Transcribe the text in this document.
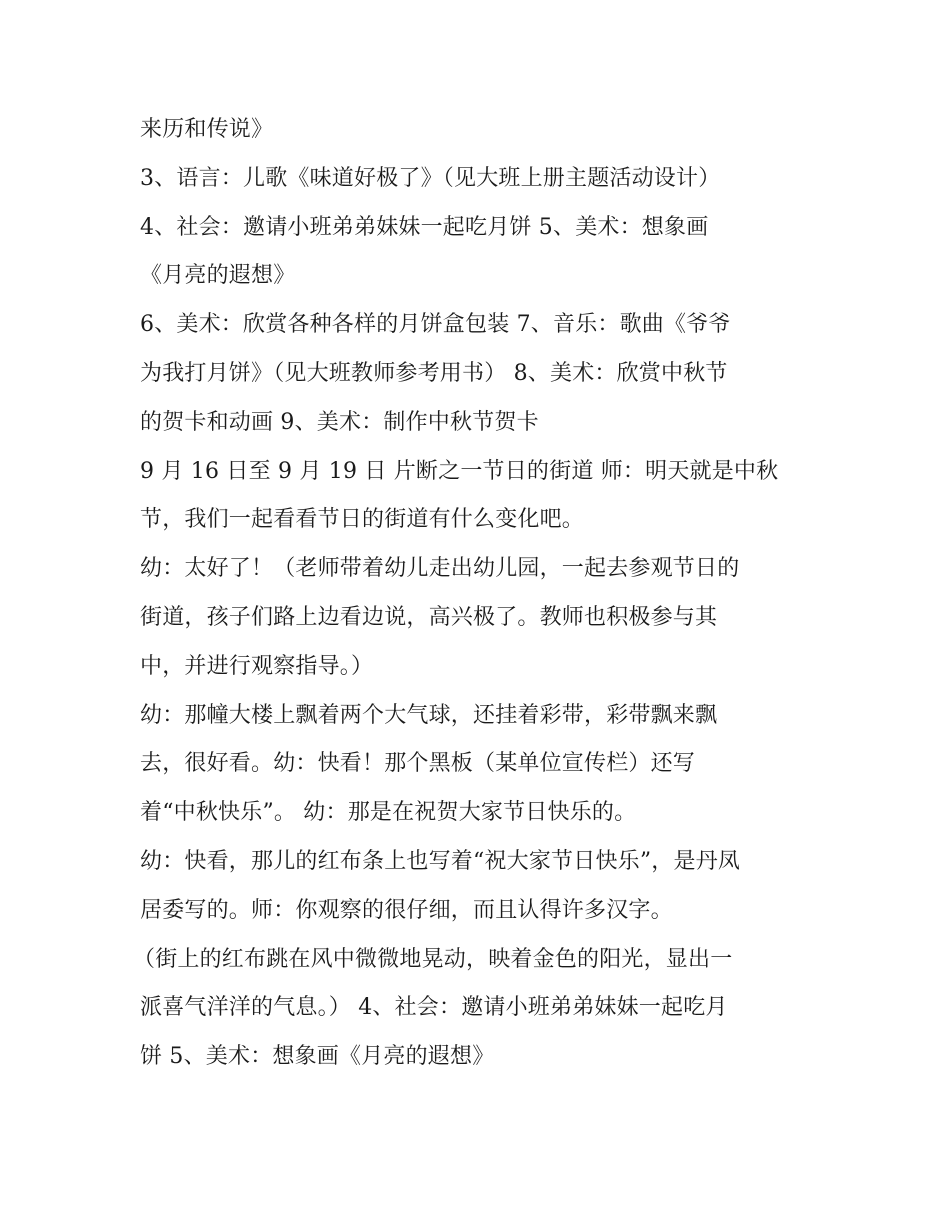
来历和传说》
3、语言：儿歌《味道好极了》（见大班上册主题活动设计）
4、社会：邀请小班弟弟妹妹一起吃月饼 5、美术：想象画
《月亮的遐想》
6、美术：欣赏各种各样的月饼盒包装 7、音乐：歌曲《爷爷
为我打月饼》（见大班教师参考用书） 8、美术：欣赏中秋节
的贺卡和动画 9、美术：制作中秋节贺卡
9 月 16 日至 9 月 19 日 片断之一节日的街道 师：明天就是中秋
节，我们一起看看节日的街道有什么变化吧。
幼：太好了！（老师带着幼儿走出幼儿园，一起去参观节日的
街道，孩子们路上边看边说，高兴极了。教师也积极参与其
中，并进行观察指导。）
幼：那幢大楼上飘着两个大气球，还挂着彩带，彩带飘来飘
去，很好看。幼：快看！那个黑板（某单位宣传栏）还写
着“中秋快乐”。 幼：那是在祝贺大家节日快乐的。
幼：快看，那儿的红布条上也写着“祝大家节日快乐”，是丹凤
居委写的。师：你观察的很仔细，而且认得许多汉字。
（街上的红布跳在风中微微地晃动，映着金色的阳光，显出一
派喜气洋洋的气息。） 4、社会：邀请小班弟弟妹妹一起吃月
饼 5、美术：想象画《月亮的遐想》
